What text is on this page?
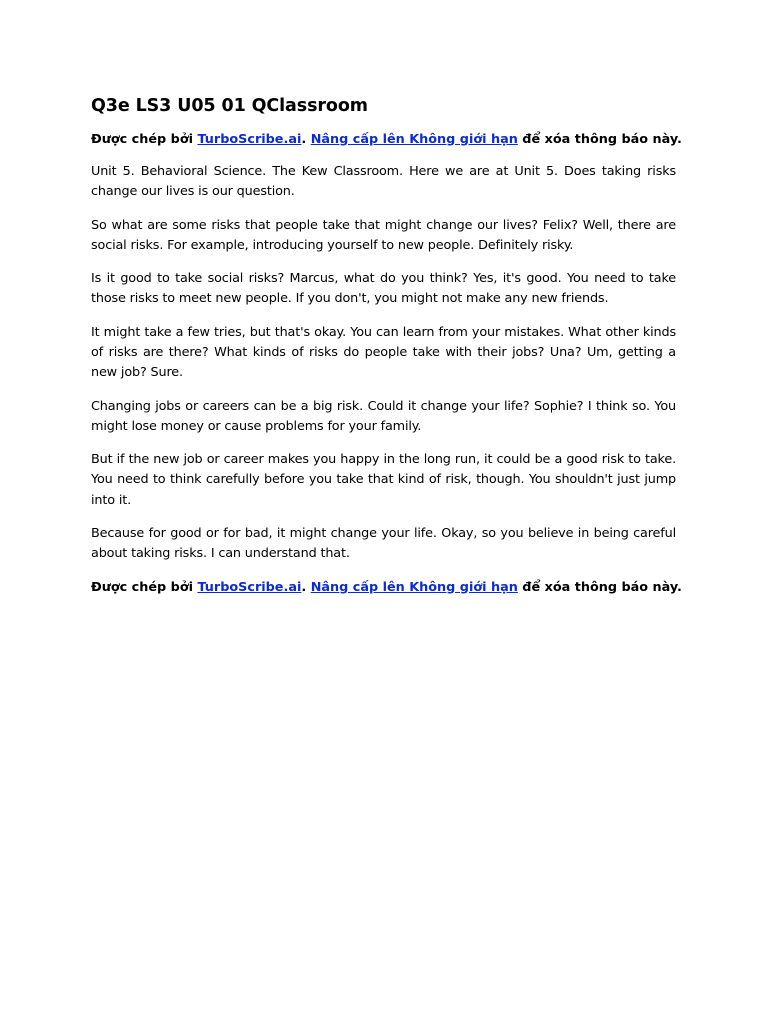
Q3e LS3 U05 01 QClassroom

Được chép bởi TurboScribe.ai. Nâng cấp lên Không giới hạn để xóa thông báo này.

Unit 5. Behavioral Science. The Kew Classroom. Here we are at Unit 5. Does taking risks change our lives is our question.

So what are some risks that people take that might change our lives? Felix? Well, there are social risks. For example, introducing yourself to new people. Definitely risky.

Is it good to take social risks? Marcus, what do you think? Yes, it's good. You need to take those risks to meet new people. If you don't, you might not make any new friends.

It might take a few tries, but that's okay. You can learn from your mistakes. What other kinds of risks are there? What kinds of risks do people take with their jobs? Una? Um, getting a new job? Sure.

Changing jobs or careers can be a big risk. Could it change your life? Sophie? I think so. You might lose money or cause problems for your family.

But if the new job or career makes you happy in the long run, it could be a good risk to take. You need to think carefully before you take that kind of risk, though. You shouldn't just jump into it.

Because for good or for bad, it might change your life. Okay, so you believe in being careful about taking risks. I can understand that.

Được chép bởi TurboScribe.ai. Nâng cấp lên Không giới hạn để xóa thông báo này.
